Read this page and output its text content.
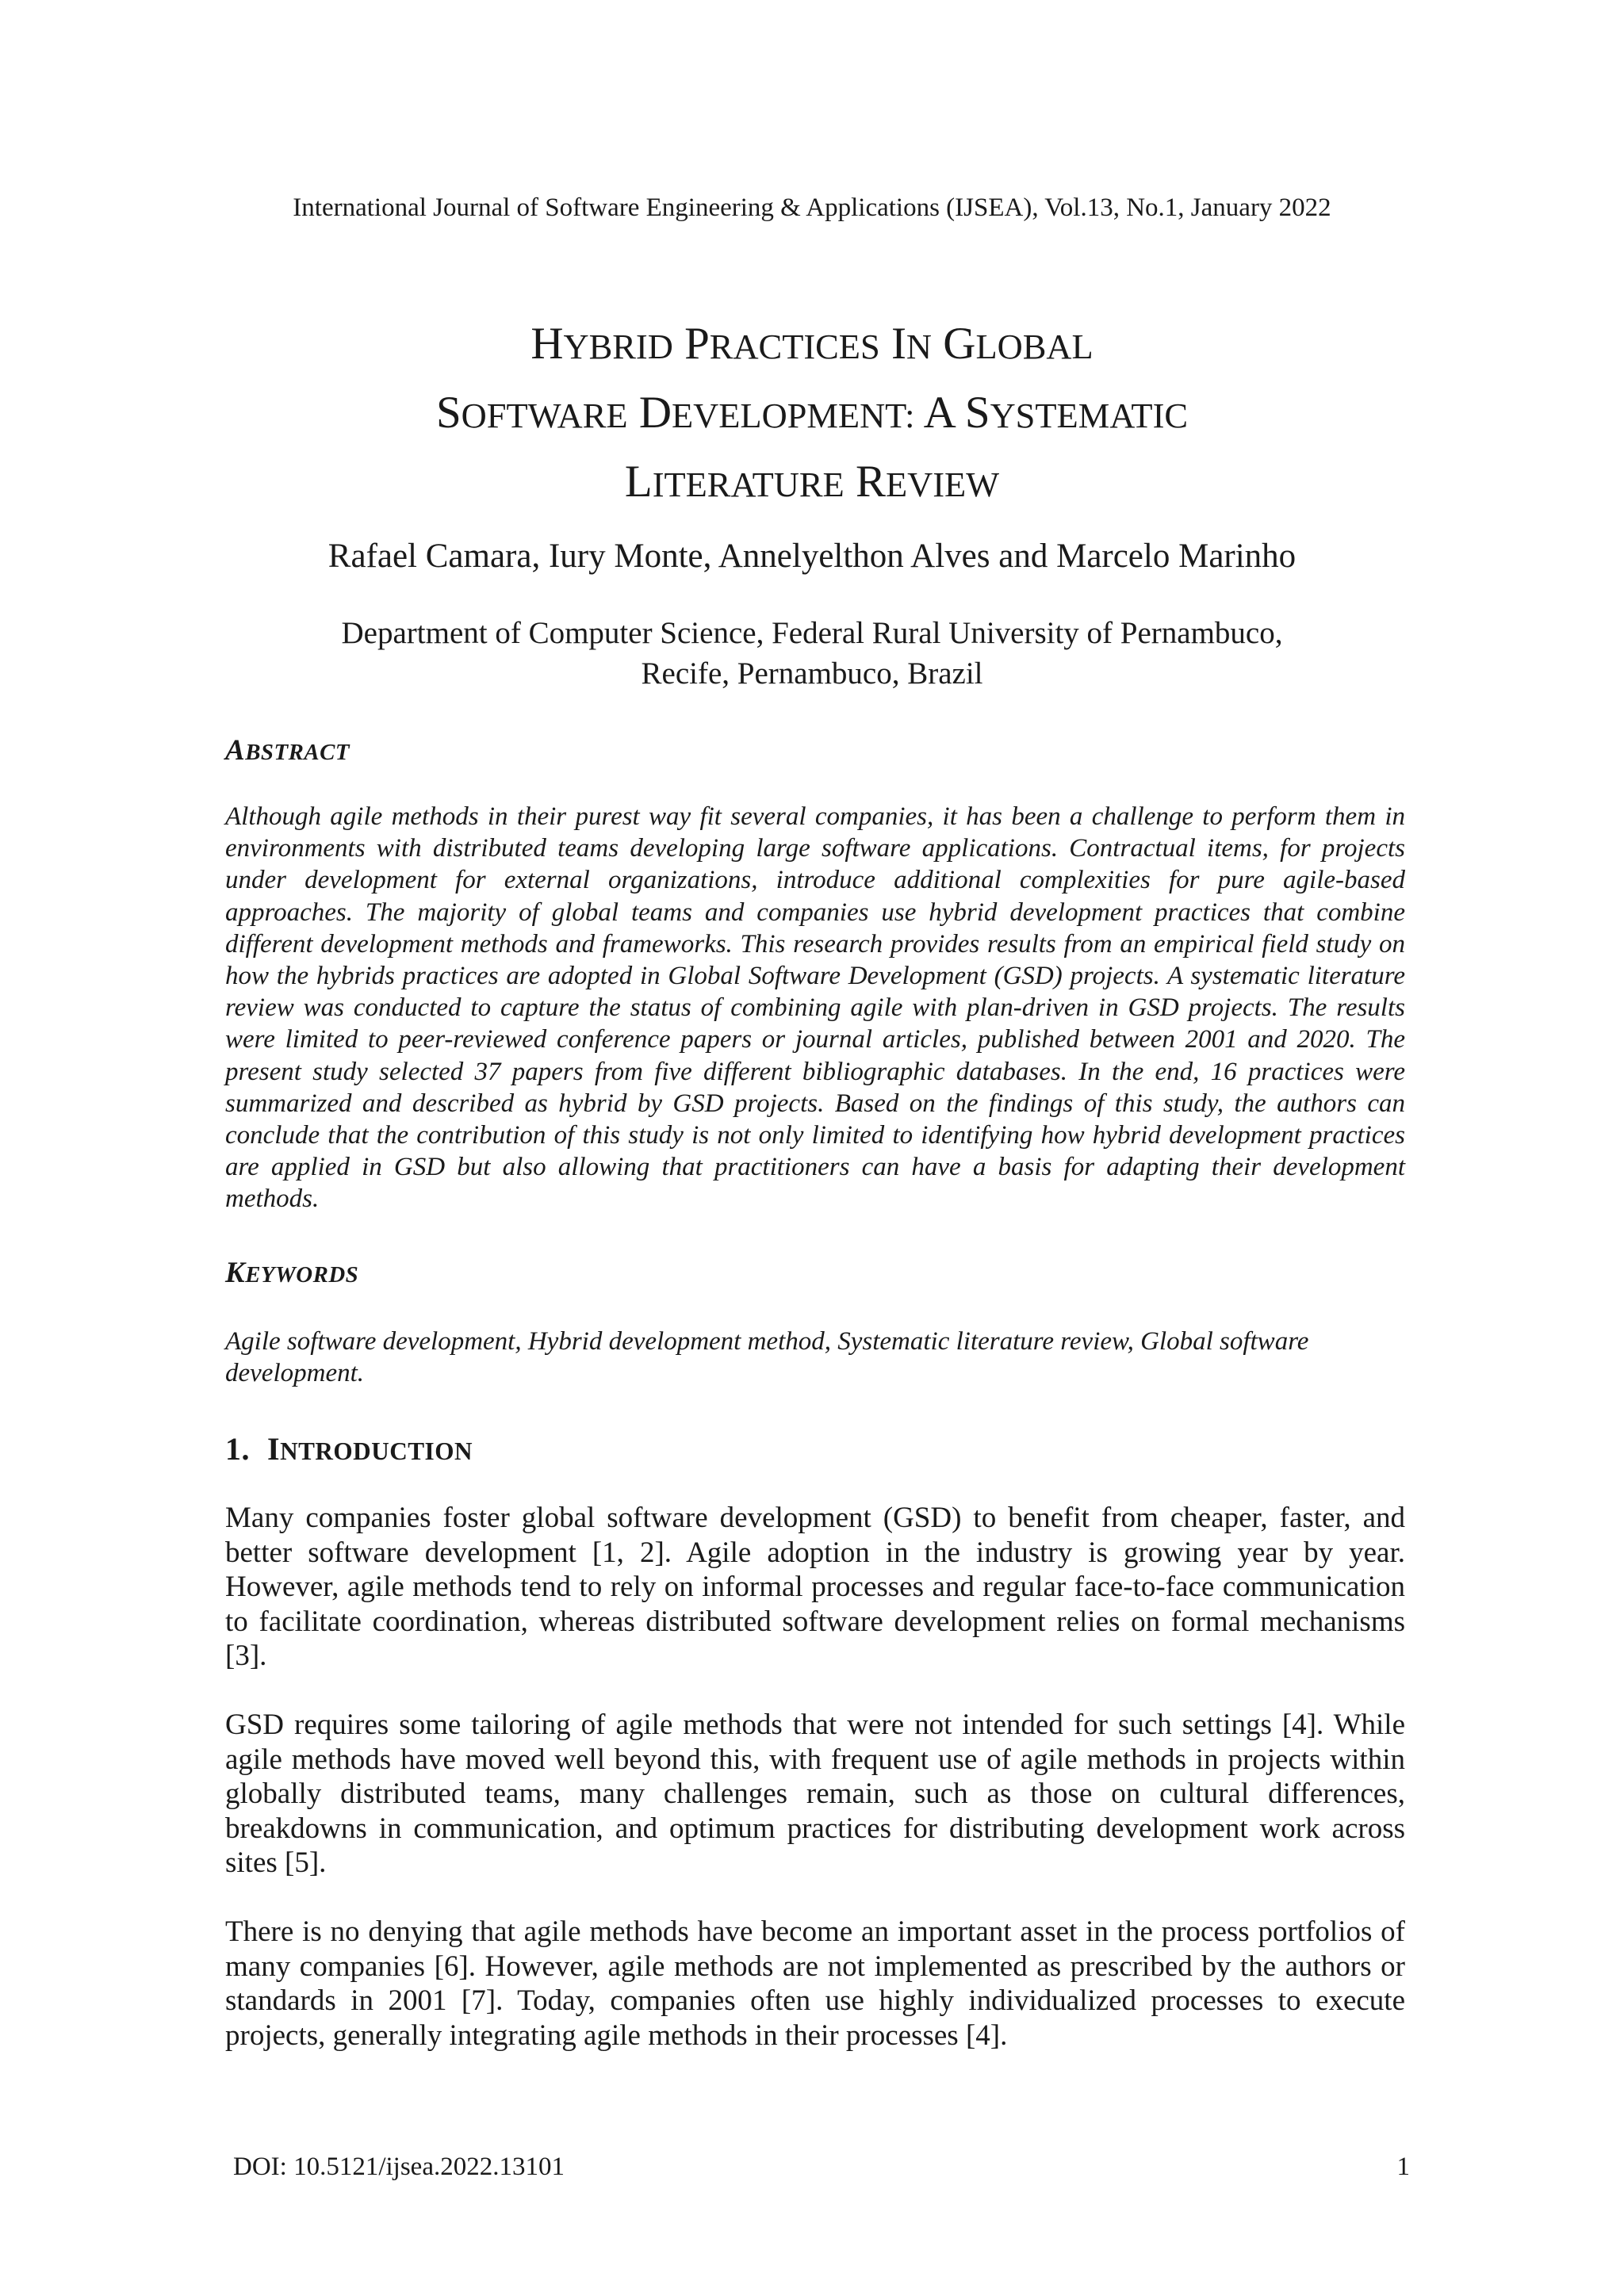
International Journal of Software Engineering & Applications (IJSEA), Vol.13, No.1, January 2022
HYBRID PRACTICES IN GLOBAL
SOFTWARE DEVELOPMENT: A SYSTEMATIC
LITERATURE REVIEW
Rafael Camara, Iury Monte, Annelyelthon Alves and Marcelo Marinho
Department of Computer Science, Federal Rural University of Pernambuco,
Recife, Pernambuco, Brazil
ABSTRACT
Although agile methods in their purest way fit several companies, it has been a challenge to perform them in environments with distributed teams developing large software applications. Contractual items, for projects under development for external organizations, introduce additional complexities for pure agile-based approaches. The majority of global teams and companies use hybrid development practices that combine different development methods and frameworks. This research provides results from an empirical field study on how the hybrids practices are adopted in Global Software Development (GSD) projects. A systematic literature review was conducted to capture the status of combining agile with plan-driven in GSD projects. The results were limited to peer-reviewed conference papers or journal articles, published between 2001 and 2020. The present study selected 37 papers from five different bibliographic databases. In the end, 16 practices were summarized and described as hybrid by GSD projects. Based on the findings of this study, the authors can conclude that the contribution of this study is not only limited to identifying how hybrid development practices are applied in GSD but also allowing that practitioners can have a basis for adapting their development methods.
KEYWORDS
Agile software development, Hybrid development method, Systematic literature review, Global software development.
1. INTRODUCTION

Many companies foster global software development (GSD) to benefit from cheaper, faster, and better software development [1, 2]. Agile adoption in the industry is growing year by year. However, agile methods tend to rely on informal processes and regular face-to-face communication to facilitate coordination, whereas distributed software development relies on formal mechanisms [3].

GSD requires some tailoring of agile methods that were not intended for such settings [4]. While agile methods have moved well beyond this, with frequent use of agile methods in projects within globally distributed teams, many challenges remain, such as those on cultural differences, breakdowns in communication, and optimum practices for distributing development work across sites [5].

There is no denying that agile methods have become an important asset in the process portfolios of many companies [6]. However, agile methods are not implemented as prescribed by the authors or standards in 2001 [7]. Today, companies often use highly individualized processes to execute projects, generally integrating agile methods in their processes [4].

DOI: 10.5121/ijsea.2022.13101	1
